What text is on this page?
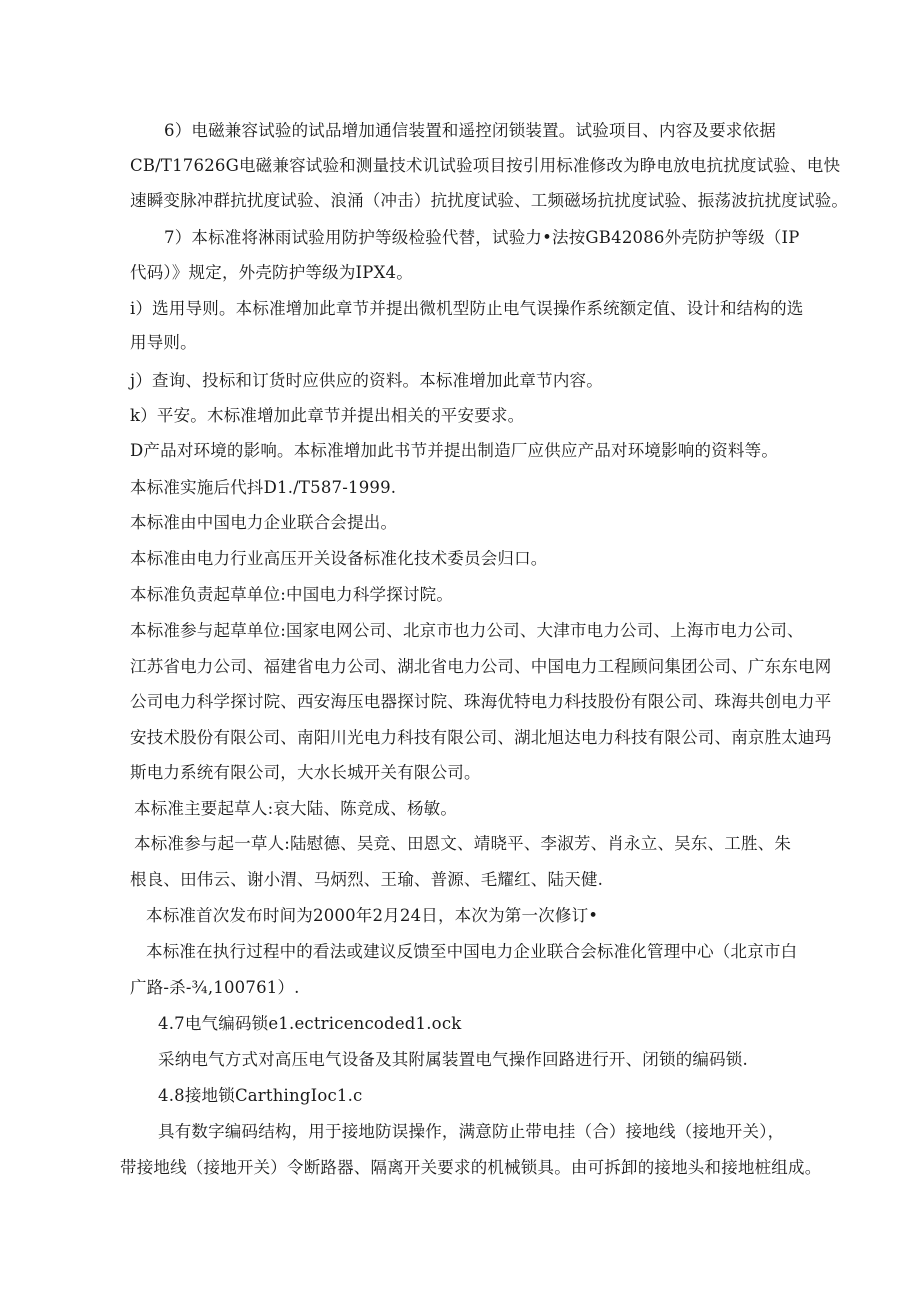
6）电磁兼容试验的试品增加通信装置和遥控闭锁装置。试验项目、内容及要求依据
CB/T17626G电磁兼容试验和测量技术讥试验项目按引用标准修改为睁电放电抗扰度试验、电快
速瞬变脉冲群抗扰度试验、浪涌（冲击）抗扰度试验、工频磁场抗扰度试验、振荡波抗扰度试验。
7）本标准将淋雨试验用防护等级检验代替，试验力•法按GB42086外壳防护等级（IP
代码）》规定，外壳防护等级为IPX4。
i）选用导则。本标准增加此章节并提出微机型防止电气误操作系统额定值、设计和结构的选
用导则。
j）查询、投标和订货时应供应的资料。本标准增加此章节内容。
k）平安。木标准增加此章节并提出相关的平安要求。
D产品对环境的影响。本标准增加此书节并提出制造厂应供应产品对环境影响的资料等。
本标准实施后代抖D1./T587-1999.
本标准由中国电力企业联合会提出。
本标准由电力行业高压开关设备标准化技术委员会归口。
本标准负责起草单位:中国电力科学探讨院。
本标准参与起草单位:国家电网公司、北京市也力公司、大津市电力公司、上海市电力公司、
江苏省电力公司、福建省电力公司、湖北省电力公司、中国电力工程顾问集团公司、广东东电网
公司电力科学探讨院、西安海压电器探讨院、珠海优特电力科技股份有限公司、珠海共创电力平
安技术股份有限公司、南阳川光电力科技有限公司、湖北旭达电力科技有限公司、南京胜太迪玛
斯电力系统有限公司，大水长城开关有限公司。
本标准主要起草人:哀大陆、陈竞成、杨敏。
本标准参与起一草人:陆慰德、吴竞、田恩文、靖晓平、李淑芳、肖永立、吴东、工胜、朱
根良、田伟云、谢小渭、马炳烈、王瑜、普源、毛耀红、陆天健.
本标准首次发布时间为2000年2月24日，本次为第一次修订•
本标准在执行过程中的看法或建议反馈至中国电力企业联合会标准化管理中心（北京市白
广路-杀-¾,100761）.
4.7电气编码锁e1.ectricencoded1.ock
采纳电气方式对高压电气设备及其附属装置电气操作回路进行开、闭锁的编码锁.
4.8接地锁CarthingIoc1.c
具有数字编码结构，用于接地防误操作，满意防止带电挂（合）接地线（接地开关），
带接地线（接地开关）令断路器、隔离开关要求的机械锁具。由可拆卸的接地头和接地桩组成。
